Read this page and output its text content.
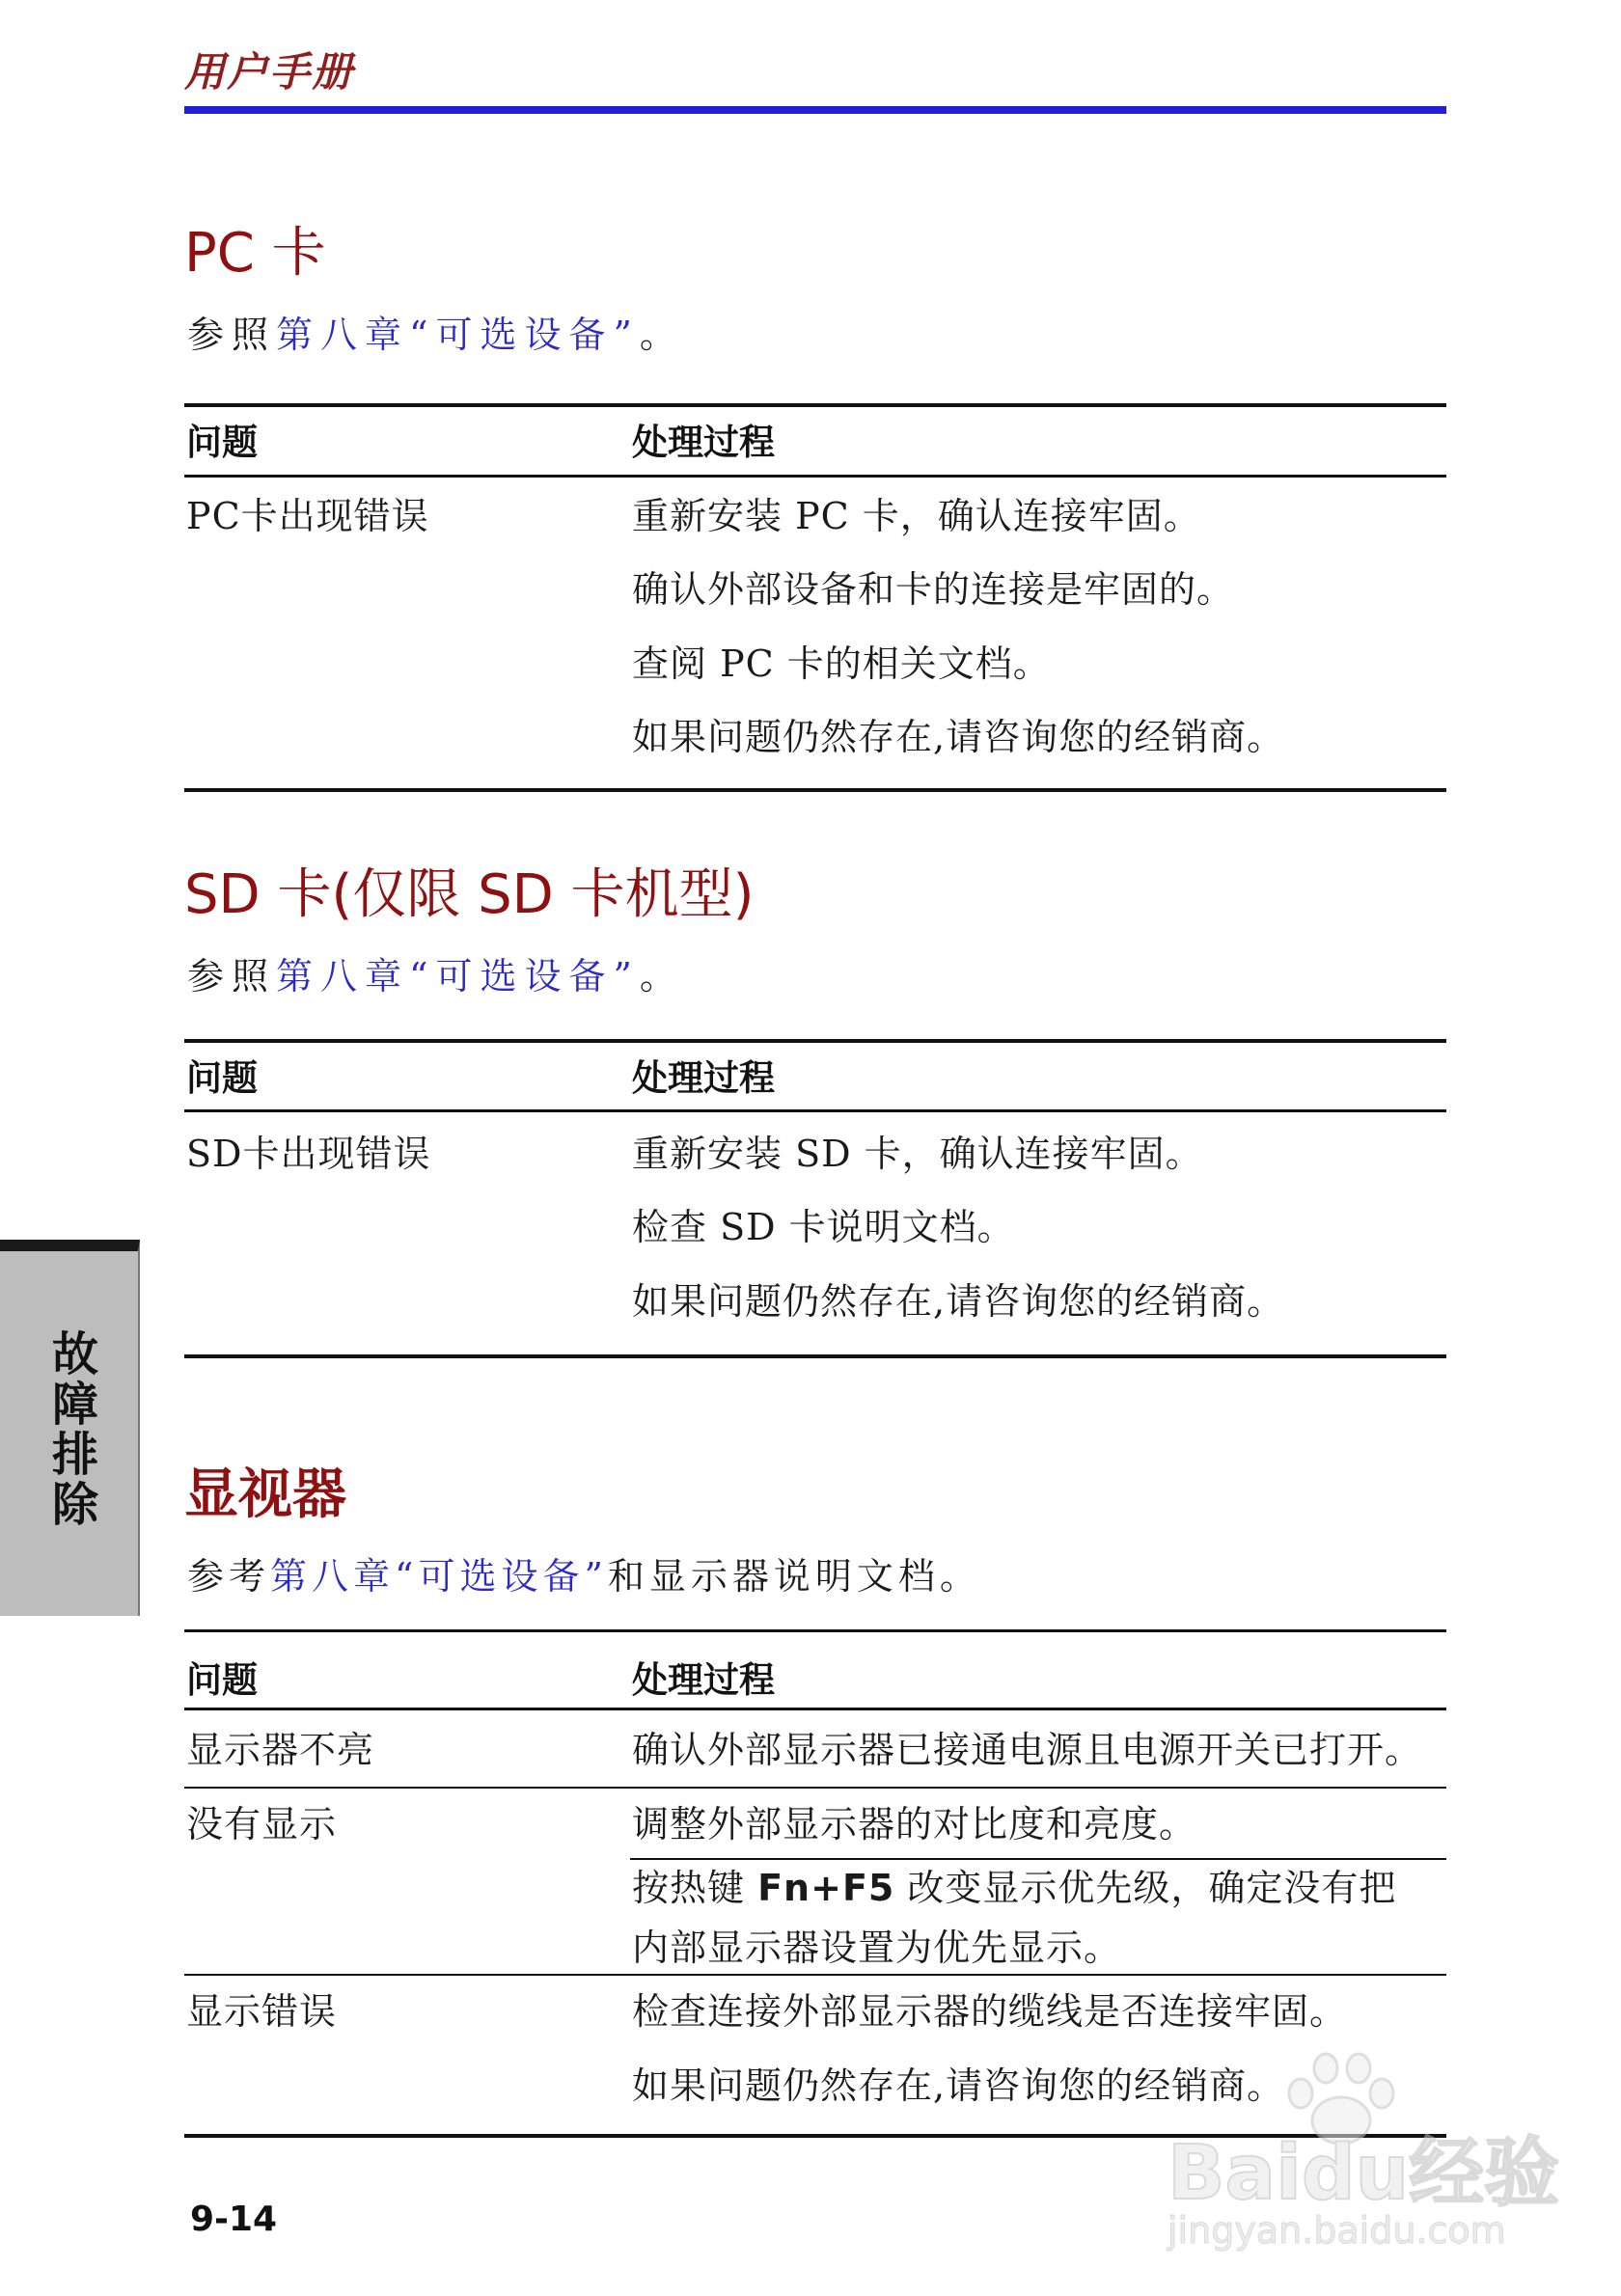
用户手册
PC 卡
参照第八章“可选设备”。
问题	处理过程
PC卡出现错误	重新安装 PC 卡，确认连接牢固。
确认外部设备和卡的连接是牢固的。
查阅 PC 卡的相关文档。
如果问题仍然存在,请咨询您的经销商。
SD 卡(仅限 SD 卡机型)
参照第八章“可选设备”。
问题	处理过程
SD卡出现错误	重新安装 SD 卡，确认连接牢固。
检查 SD 卡说明文档。
如果问题仍然存在,请咨询您的经销商。
显视器
参考第八章“可选设备”和显示器说明文档。
问题	处理过程
显示器不亮	确认外部显示器已接通电源且电源开关已打开。
没有显示	调整外部显示器的对比度和亮度。
按热键 Fn+F5 改变显示优先级，确定没有把内部显示器设置为优先显示。
显示错误	检查连接外部显示器的缆线是否连接牢固。
如果问题仍然存在,请咨询您的经销商。
故障排除
9-14
Baidu经验
jingyan.baidu.com
